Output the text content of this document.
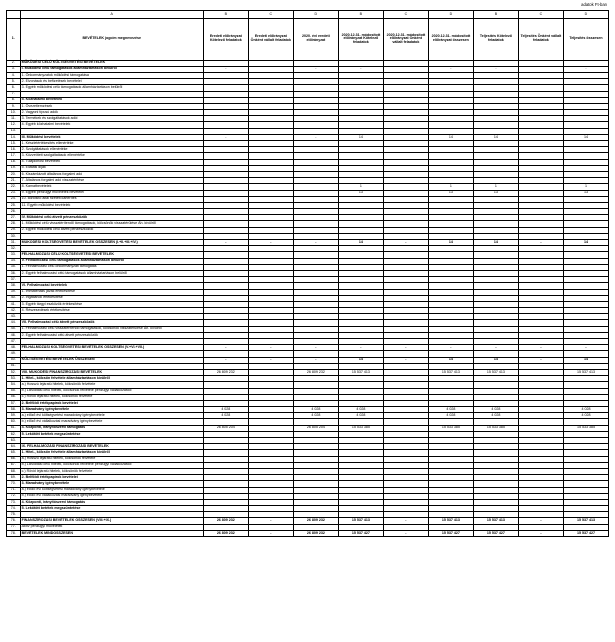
adatok Ft-ban
	A	B	C	D	B	C	D	B	C	D
1.	BEVÉTELEK jogcím megnevezése	Eredeti előirányzat Kötelező feladatok	Eredeti előirányzat Önként vállalt feladatok	2020. évi eredeti előirányzat	2020.12.31. módosított előirányzat Kötelező feladatok	2020.12.31. módosított előirányzat Önként vállalt feladatok	2020.12.31. módosított előirányzat összesen	Teljesítés Kötelező feladatok	Teljesítés Önként vállalt feladatok	Teljesítés összesen
2.	MŰKÖDÉSI CÉLÚ KÖLTSÉGVETÉSI BEVÉTELEK									
3.	I. Működési célú támogatások államháztartáson belülről	-		-	-		-	-		-
4.	1. Önkormányzatok működési támogatása									
5.	2. Elvonások és befizetések bevételei									
6.	3. Egyéb működési célú támogatások államháztartáson belülről									
7.										
8.	II. Közhatalmi bevételek									
9.	1. Övezetiemzések									
10.	2. Vagyoni típusú adók									
11.	3. Termékek és szolgáltatások adói									
12.	4. Egyéb közhatalmi bevételek									
13.										
14.	III. Működési bevételek	-		-	14		14	14		14
15.	1. Készletértékesítés ellenértéke									
16.	2. Szolgáltatások ellenértéke									
17.	3. Közvetített szolgáltatások ellenértéke									
18.	4. Tulajdonosi bevételek									
19.	5. Ellátási díjak									
20.	6. Kiszámlázott általános forgalmi adó									
21.	7. Általános forgalmi adó visszatérítése									
22.	8. Kamatbevételek				1		1	1		1
23.	9. Egyéb pénzügyi műveletek bevételei				13		13	13		13
24.	10. Biztosító által fizetett kártérítés									
25.	11. Egyéb működési bevételek									
26.										
27.	IV. Működési célú átvett pénzeszközök									
28.	1. Működési célú visszatérítendő támogatások, kölcsönök visszatérülése Áh. kívülről									
29.	2. Egyéb működési célú átvett pénzeszközök									
30.										
31.	MŰKÖDÉSI KÖLTSÉGVETÉSI BEVÉTELEK ÖSSZESEN (I.+II.+III.+IV.)	-	-	-	14	-	14	14	-	14
32.										
33.	FELHALMOZÁSI CÉLÚ KÖLTSÉGVETÉSI BEVÉTELEK									
34.	V. Felhalmozási célú támogatások államháztartáson belülről									
35.	1. Felhalmozási célú önkormányzati támogatás									
36.	2. Egyéb felhalmozási célú támogatások államháztartáson belülről									
37.										
38.	VI. Felhalmozási bevételek									
39.	1. Immateriális javak értékesítése									
40.	2. Ingatlanok értékesítése									
41.	3. Egyéb tárgyi eszközök értékesítése									
42.	4. Részesedések értékesítése									
43.										
44.	VII. Felhalmozási célú átvett pénzeszközök									
45.	1. Felhalmozási célú visszatérítendő támogatások, kölcsönök visszatérülése Áh. kívülről									
46.	2. Egyéb felhalmozási célú átvett pénzeszközök									
47.										
48.	FELHALMOZÁSI KÖLTSÉGVETÉSI BEVÉTELEK ÖSSZESEN (V.+VI.+VII.)	-	-	-	-	-	-	-	-	-
49.										
50.	KÖLTSÉGVETÉSI BEVÉTELEK ÖSSZESEN	-	-	-	14	-	14	14	-	14
51.										
52.	VIII. MŰKÖDÉSI FINANSZÍROZÁSI BEVÉTELEK	26 809 232		26 809 232	15 537 413		15 537 413	15 537 413		15 537 413
53.	1. Hitel-, kölcsön felvétele államháztartáson kívülről									
54.	a.) Hosszú lejáratú hitelek, kölcsönök felvétele									
55.	b.) Likviditási célú hitelek, kölcsönök felvétele pénzügyi vállalkozástól									
56.	c.) Rövid lejáratú hitelek, kölcsönök felvétele									
57.	2. Belföldi értékpapírok bevételei									
58.	3. Maradvány igénybevétele	4 028		4 028	4 028		4 028	4 028		4 028
59.	a.) előző évi költségvetési maradvány igénybevétele	4 028		4 028	4 028		4 028	4 028		4 028
60.	b.) előző évi vállalkozási maradvány igénybevétele									
61.	4. Központi, irányítószervi támogatás	26 805 204		26 805 204	15 533 385		15 533 385	15 533 385		15 533 385
62.	5. Lekötött betétek megszüntetése									
63.										
64.	IX. FELHALMOZÁSI FINANSZÍROZÁSI BEVÉTELEK									
65.	1. Hitel-, kölcsön felvétele államháztartáson kívülről									
66.	a.) Hosszú lejáratú hitelek, kölcsönök felvétele									
67.	b.) Likviditási célú hitelek, kölcsönök felvétele pénzügyi vállalkozástól									
68.	c.) Rövid lejáratú hitelek, kölcsönök felvétele									
69.	2. Belföldi értékpapírok bevételei									
70.	3. Maradvány igénybevétele									
71.	a.) előző évi költségvetési maradvány igénybevétele									
72.	b.) előző évi vállalkozási maradvány igénybevétele									
73.	4. Központi, irányítószervi támogatás									
74.	5. Lekötött betétek megszüntetése									
75.										
76.	FINANSZÍROZÁSI BEVÉTELEK ÖSSZESEN (VIII.+IX.)	26 809 232	-	26 809 232	15 537 413	-	15 537 413	15 537 413	-	15 537 413
77.	Aktív pénzügyi műveletek									
78.	BEVÉTELEK MINDÖSSZESEN	26 809 232	-	26 809 232	15 537 427	-	15 537 427	15 537 427	-	15 537 427
